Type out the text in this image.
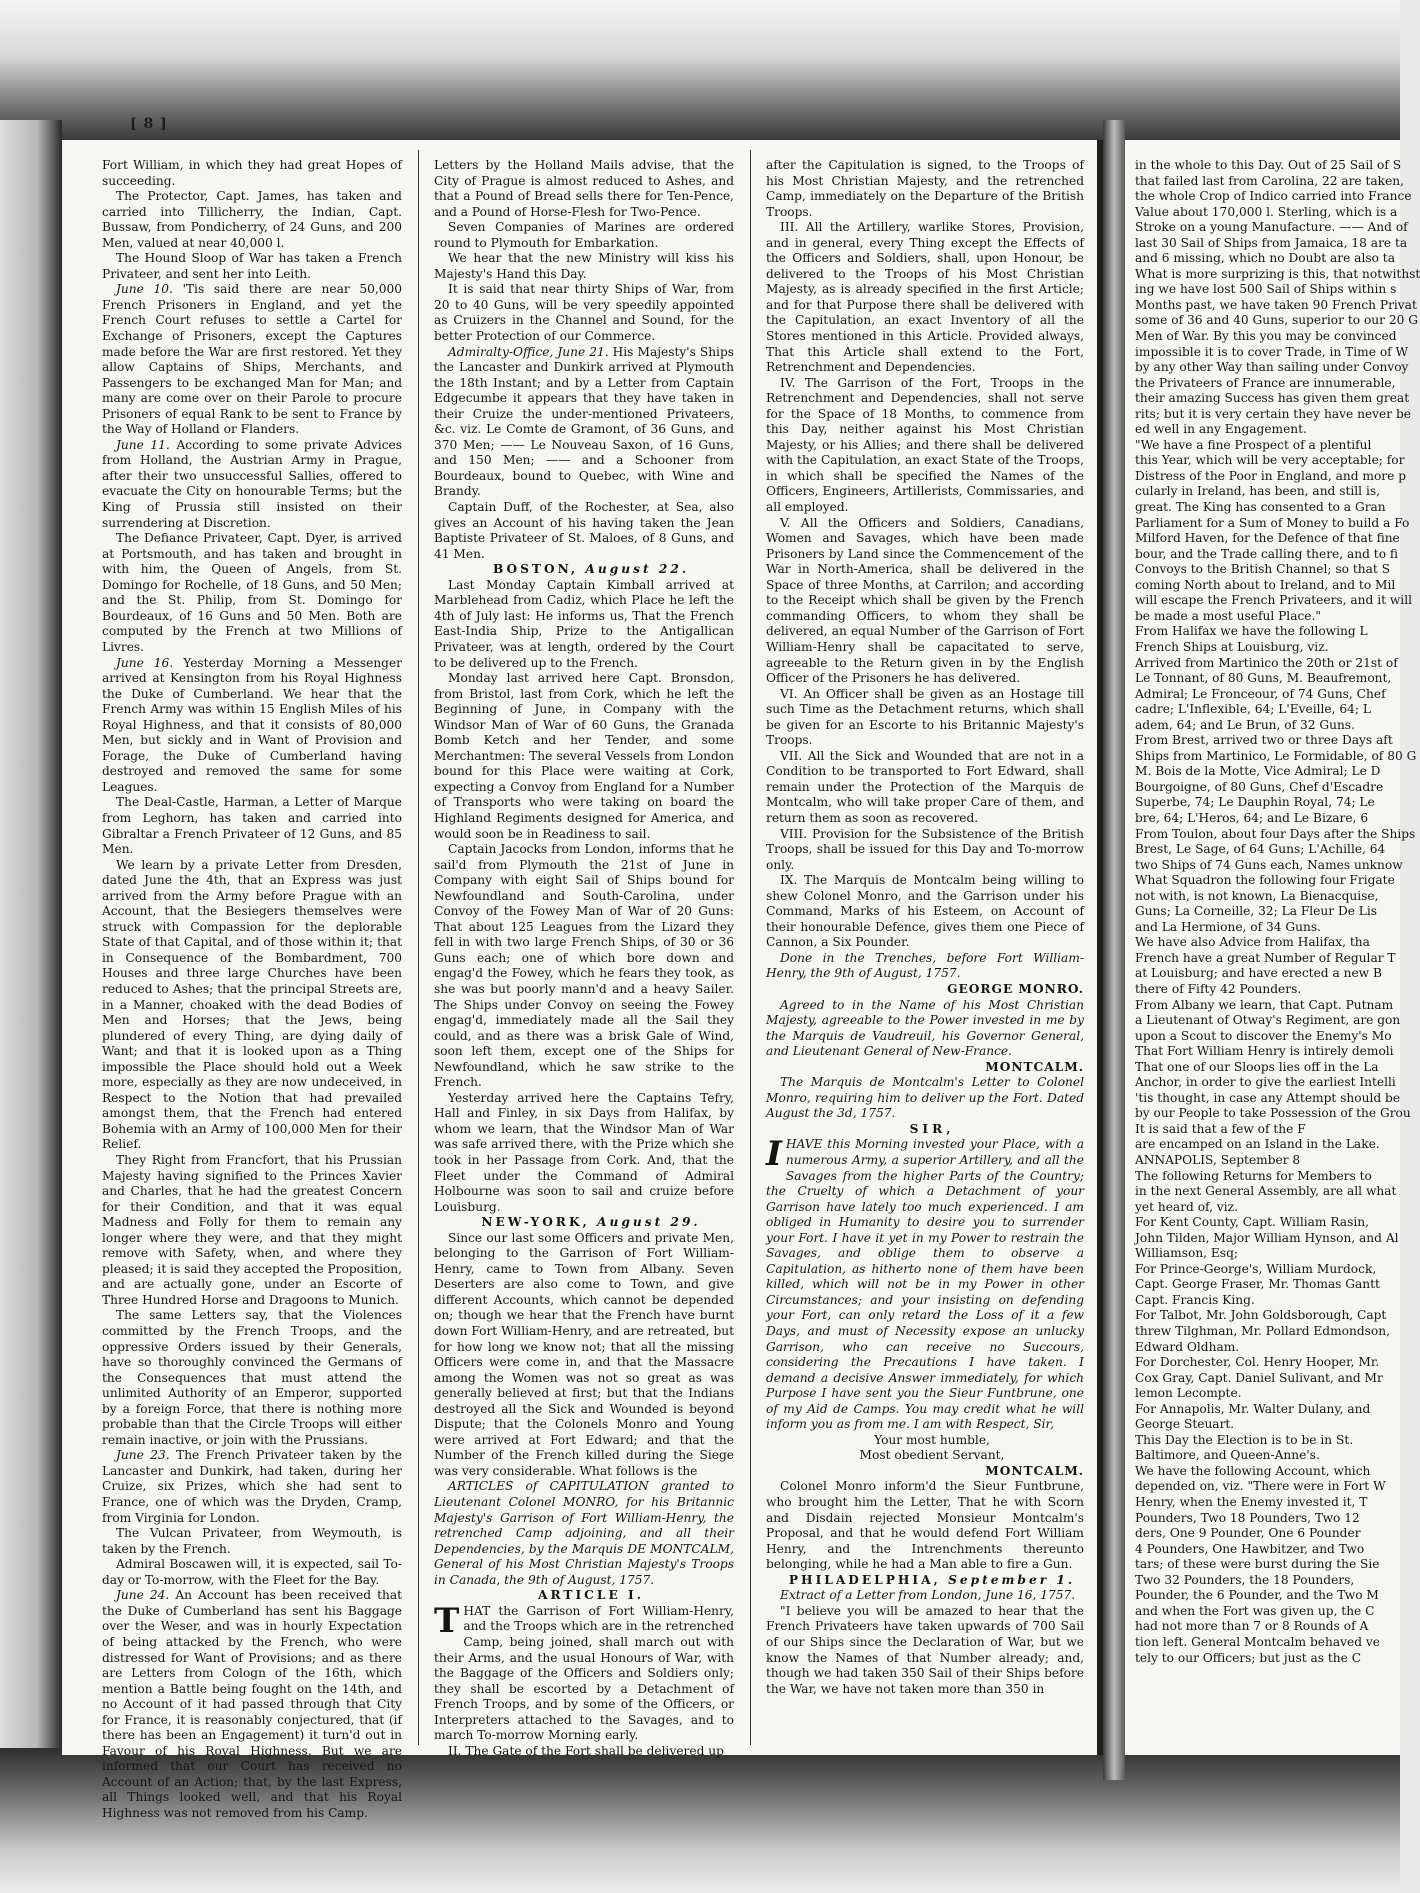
[ 8 ]

Fort William, in which they had great Hopes of succeeding.

The Protector, Capt. James, has taken and carried into Tillicherry, the Indian, Capt. Bussaw, from Pondicherry, of 24 Guns, and 200 Men, valued at near 40,000 l.

The Hound Sloop of War has taken a French Privateer, and sent her into Leith.

June 10. 'Tis said there are near 50,000 French Prisoners in England, and yet the French Court refuses to settle a Cartel for Exchange of Prisoners, except the Captures made before the War are first restored. Yet they allow Captains of Ships, Merchants, and Passengers to be exchanged Man for Man; and many are come over on their Parole to procure Prisoners of equal Rank to be sent to France by the Way of Holland or Flanders.

June 11. According to some private Advices from Holland, the Austrian Army in Prague, after their two unsuccessful Sallies, offered to evacuate the City on honourable Terms; but the King of Prussia still insisted on their surrendering at Discretion.

The Defiance Privateer, Capt. Dyer, is arrived at Portsmouth, and has taken and brought in with him, the Queen of Angels, from St. Domingo for Rochelle, of 18 Guns, and 50 Men; and the St. Philip, from St. Domingo for Bourdeaux, of 16 Guns and 50 Men. Both are computed by the French at two Millions of Livres.

June 16. Yesterday Morning a Messenger arrived at Kensington from his Royal Highness the Duke of Cumberland. We hear that the French Army was within 15 English Miles of his Royal Highness, and that it consists of 80,000 Men, but sickly and in Want of Provision and Forage, the Duke of Cumberland having destroyed and removed the same for some Leagues.

The Deal-Castle, Harman, a Letter of Marque from Leghorn, has taken and carried into Gibraltar a French Privateer of 12 Guns, and 85 Men.

We learn by a private Letter from Dresden, dated June the 4th, that an Express was just arrived from the Army before Prague with an Account, that the Besiegers themselves were struck with Compassion for the deplorable State of that Capital, and of those within it; that in Consequence of the Bombardment, 700 Houses and three large Churches have been reduced to Ashes; that the principal Streets are, in a Manner, choaked with the dead Bodies of Men and Horses; that the Jews, being plundered of every Thing, are dying daily of Want; and that it is looked upon as a Thing impossible the Place should hold out a Week more, especially as they are now undeceived, in Respect to the Notion that had prevailed amongst them, that the French had entered Bohemia with an Army of 100,000 Men for their Relief.

They Right from Francfort, that his Prussian Majesty having signified to the Princes Xavier and Charles, that he had the greatest Concern for their Condition, and that it was equal Madness and Folly for them to remain any longer where they were, and that they might remove with Safety, when, and where they pleased; it is said they accepted the Proposition, and are actually gone, under an Escorte of Three Hundred Horse and Dragoons to Munich.

The same Letters say, that the Violences committed by the French Troops, and the oppressive Orders issued by their Generals, have so thoroughly convinced the Germans of the Consequences that must attend the unlimited Authority of an Emperor, supported by a foreign Force, that there is nothing more probable than that the Circle Troops will either remain inactive, or join with the Prussians.

June 23. The French Privateer taken by the Lancaster and Dunkirk, had taken, during her Cruize, six Prizes, which she had sent to France, one of which was the Dryden, Cramp, from Virginia for London.

The Vulcan Privateer, from Weymouth, is taken by the French.

Admiral Boscawen will, it is expected, sail To-day or To-morrow, with the Fleet for the Bay.

June 24. An Account has been received that the Duke of Cumberland has sent his Baggage over the Weser, and was in hourly Expectation of being attacked by the French, who were distressed for Want of Provisions; and as there are Letters from Cologn of the 16th, which mention a Battle being fought on the 14th, and no Account of it had passed through that City for France, it is reasonably conjectured, that (if there has been an Engagement) it turn'd out in Favour of his Royal Highness. But we are informed that our Court has received no Account of an Action; that, by the last Express, all Things looked well, and that his Royal Highness was not removed from his Camp.

Letters by the Holland Mails advise, that the City of Prague is almost reduced to Ashes, and that a Pound of Bread sells there for Ten-Pence, and a Pound of Horse-Flesh for Two-Pence.

Seven Companies of Marines are ordered round to Plymouth for Embarkation.

We hear that the new Ministry will kiss his Majesty's Hand this Day.

It is said that near thirty Ships of War, from 20 to 40 Guns, will be very speedily appointed as Cruizers in the Channel and Sound, for the better Protection of our Commerce.

Admiralty-Office, June 21. His Majesty's Ships the Lancaster and Dunkirk arrived at Plymouth the 18th Instant; and by a Letter from Captain Edgecumbe it appears that they have taken in their Cruize the under-mentioned Privateers, &c. viz. Le Comte de Gramont, of 36 Guns, and 370 Men; —— Le Nouveau Saxon, of 16 Guns, and 150 Men; —— and a Schooner from Bourdeaux, bound to Quebec, with Wine and Brandy.

Captain Duff, of the Rochester, at Sea, also gives an Account of his having taken the Jean Baptiste Privateer of St. Maloes, of 8 Guns, and 41 Men.

BOSTON, August 22.

Last Monday Captain Kimball arrived at Marblehead from Cadiz, which Place he left the 4th of July last: He informs us, That the French East-India Ship, Prize to the Antigallican Privateer, was at length, ordered by the Court to be delivered up to the French.

Monday last arrived here Capt. Bronsdon, from Bristol, last from Cork, which he left the Beginning of June, in Company with the Windsor Man of War of 60 Guns, the Granada Bomb Ketch and her Tender, and some Merchantmen: The several Vessels from London bound for this Place were waiting at Cork, expecting a Convoy from England for a Number of Transports who were taking on board the Highland Regiments designed for America, and would soon be in Readiness to sail.

Captain Jacocks from London, informs that he sail'd from Plymouth the 21st of June in Company with eight Sail of Ships bound for Newfoundland and South-Carolina, under Convoy of the Fowey Man of War of 20 Guns: That about 125 Leagues from the Lizard they fell in with two large French Ships, of 30 or 36 Guns each; one of which bore down and engag'd the Fowey, which he fears they took, as she was but poorly mann'd and a heavy Sailer. The Ships under Convoy on seeing the Fowey engag'd, immediately made all the Sail they could, and as there was a brisk Gale of Wind, soon left them, except one of the Ships for Newfoundland, which he saw strike to the French.

Yesterday arrived here the Captains Tefry, Hall and Finley, in six Days from Halifax, by whom we learn, that the Windsor Man of War was safe arrived there, with the Prize which she took in her Passage from Cork. And, that the Fleet under the Command of Admiral Holbourne was soon to sail and cruize before Louisburg.

NEW-YORK, August 29.

Since our last some Officers and private Men, belonging to the Garrison of Fort William-Henry, came to Town from Albany. Seven Deserters are also come to Town, and give different Accounts, which cannot be depended on; though we hear that the French have burnt down Fort William-Henry, and are retreated, but for how long we know not; that all the missing Officers were come in, and that the Massacre among the Women was not so great as was generally believed at first; but that the Indians destroyed all the Sick and Wounded is beyond Dispute; that the Colonels Monro and Young were arrived at Fort Edward; and that the Number of the French killed during the Siege was very considerable. What follows is the

ARTICLES of CAPITULATION granted to Lieutenant Colonel MONRO, for his Britannic Majesty's Garrison of Fort William-Henry, the retrenched Camp adjoining, and all their Dependencies, by the Marquis DE MONTCALM, General of his Most Christian Majesty's Troops in Canada, the 9th of August, 1757.

ARTICLE I.

THAT the Garrison of Fort William-Henry, and the Troops which are in the retrenched Camp, being joined, shall march out with their Arms, and the usual Honours of War, with the Baggage of the Officers and Soldiers only; they shall be escorted by a Detachment of French Troops, and by some of the Officers, or Interpreters attached to the Savages, and to march To-morrow Morning early.

II. The Gate of the Fort shall be delivered up

after the Capitulation is signed, to the Troops of his Most Christian Majesty, and the retrenched Camp, immediately on the Departure of the British Troops.

III. All the Artillery, warlike Stores, Provision, and in general, every Thing except the Effects of the Officers and Soldiers, shall, upon Honour, be delivered to the Troops of his Most Christian Majesty, as is already specified in the first Article; and for that Purpose there shall be delivered with the Capitulation, an exact Inventory of all the Stores mentioned in this Article. Provided always, That this Article shall extend to the Fort, Retrenchment and Dependencies.

IV. The Garrison of the Fort, Troops in the Retrenchment and Dependencies, shall not serve for the Space of 18 Months, to commence from this Day, neither against his Most Christian Majesty, or his Allies; and there shall be delivered with the Capitulation, an exact State of the Troops, in which shall be specified the Names of the Officers, Engineers, Artillerists, Commissaries, and all employed.

V. All the Officers and Soldiers, Canadians, Women and Savages, which have been made Prisoners by Land since the Commencement of the War in North-America, shall be delivered in the Space of three Months, at Carrilon; and according to the Receipt which shall be given by the French commanding Officers, to whom they shall be delivered, an equal Number of the Garrison of Fort William-Henry shall be capacitated to serve, agreeable to the Return given in by the English Officer of the Prisoners he has delivered.

VI. An Officer shall be given as an Hostage till such Time as the Detachment returns, which shall be given for an Escorte to his Britannic Majesty's Troops.

VII. All the Sick and Wounded that are not in a Condition to be transported to Fort Edward, shall remain under the Protection of the Marquis de Montcalm, who will take proper Care of them, and return them as soon as recovered.

VIII. Provision for the Subsistence of the British Troops, shall be issued for this Day and To-morrow only.

IX. The Marquis de Montcalm being willing to shew Colonel Monro, and the Garrison under his Command, Marks of his Esteem, on Account of their honourable Defence, gives them one Piece of Cannon, a Six Pounder.

Done in the Trenches, before Fort William-Henry, the 9th of August, 1757.

GEORGE MONRO.

Agreed to in the Name of his Most Christian Majesty, agreeable to the Power invested in me by the Marquis de Vaudreuil, his Governor General, and Lieutenant General of New-France.

MONTCALM.

The Marquis de Montcalm's Letter to Colonel Monro, requiring him to deliver up the Fort. Dated August the 3d, 1757.

SIR,

IHAVE this Morning invested your Place, with a numerous Army, a superior Artillery, and all the Savages from the higher Parts of the Country; the Cruelty of which a Detachment of your Garrison have lately too much experienced. I am obliged in Humanity to desire you to surrender your Fort. I have it yet in my Power to restrain the Savages, and oblige them to observe a Capitulation, as hitherto none of them have been killed, which will not be in my Power in other Circumstances; and your insisting on defending your Fort, can only retard the Loss of it a few Days, and must of Necessity expose an unlucky Garrison, who can receive no Succours, considering the Precautions I have taken. I demand a decisive Answer immediately, for which Purpose I have sent you the Sieur Funtbrune, one of my Aid de Camps. You may credit what he will inform you as from me. I am with Respect, Sir,

Your most humble,

Most obedient Servant,

MONTCALM.

Colonel Monro inform'd the Sieur Funtbrune, who brought him the Letter, That he with Scorn and Disdain rejected Monsieur Montcalm's Proposal, and that he would defend Fort William Henry, and the Intrenchments thereunto belonging, while he had a Man able to fire a Gun.

PHILADELPHIA, September 1.

Extract of a Letter from London, June 16, 1757.

"I believe you will be amazed to hear that the French Privateers have taken upwards of 700 Sail of our Ships since the Declaration of War, but we know the Names of that Number already; and, though we had taken 350 Sail of their Ships before the War, we have not taken more than 350 in

in the whole to this Day. Out of 25 Sail of S
that failed last from Carolina, 22 are taken,
the whole Crop of Indico carried into France
Value about 170,000 l. Sterling, which is a
Stroke on a young Manufacture. —— And of
last 30 Sail of Ships from Jamaica, 18 are ta
and 6 missing, which no Doubt are also ta
What is more surprizing is this, that notwithst
ing we have lost 500 Sail of Ships within s
Months past, we have taken 90 French Privat
some of 36 and 40 Guns, superior to our 20 G
Men of War. By this you may be convinced
impossible it is to cover Trade, in Time of W
by any other Way than sailing under Convoy
the Privateers of France are innumerable,
their amazing Success has given them great
rits; but it is very certain they have never be
ed well in any Engagement.
"We have a fine Prospect of a plentiful
this Year, which will be very acceptable; for
Distress of the Poor in England, and more p
cularly in Ireland, has been, and still is,
great. The King has consented to a Gran
Parliament for a Sum of Money to build a Fo
Milford Haven, for the Defence of that fine
bour, and the Trade calling there, and to fi
Convoys to the British Channel; so that S
coming North about to Ireland, and to Mil
will escape the French Privateers, and it will
be made a most useful Place."
From Halifax we have the following L
French Ships at Louisburg, viz.
Arrived from Martinico the 20th or 21st of
Le Tonnant, of 80 Guns, M. Beaufremont,
Admiral; Le Fronceour, of 74 Guns, Chef
cadre; L'Inflexible, 64; L'Eveille, 64; L
adem, 64; and Le Brun, of 32 Guns.
From Brest, arrived two or three Days aft
Ships from Martinico, Le Formidable, of 80 G
M. Bois de la Motte, Vice Admiral; Le D
Bourgoigne, of 80 Guns, Chef d'Escadre
Superbe, 74; Le Dauphin Royal, 74; Le
bre, 64; L'Heros, 64; and Le Bizare, 6
From Toulon, about four Days after the Ships
Brest, Le Sage, of 64 Guns; L'Achille, 64
two Ships of 74 Guns each, Names unknow
What Squadron the following four Frigate
not with, is not known, La Bienacquise,
Guns; La Corneille, 32; La Fleur De Lis
and La Hermione, of 34 Guns.
We have also Advice from Halifax, tha
French have a great Number of Regular T
at Louisburg; and have erected a new B
there of Fifty 42 Pounders.
From Albany we learn, that Capt. Putnam
a Lieutenant of Otway's Regiment, are gon
upon a Scout to discover the Enemy's Mo
That Fort William Henry is intirely demoli
That one of our Sloops lies off in the La
Anchor, in order to give the earliest Intelli
'tis thought, in case any Attempt should be
by our People to take Possession of the Grou
It is said that a few of the F
are encamped on an Island in the Lake.
ANNAPOLIS, September 8
The following Returns for Members to
in the next General Assembly, are all what
yet heard of, viz.
For Kent County, Capt. William Rasin,
John Tilden, Major William Hynson, and Al
Williamson, Esq;
For Prince-George's, William Murdock,
Capt. George Fraser, Mr. Thomas Gantt
Capt. Francis King.
For Talbot, Mr. John Goldsborough, Capt
threw Tilghman, Mr. Pollard Edmondson,
Edward Oldham.
For Dorchester, Col. Henry Hooper, Mr.
Cox Gray, Capt. Daniel Sulivant, and Mr
lemon Lecompte.
For Annapolis, Mr. Walter Dulany, and
George Steuart.
This Day the Election is to be in St.
Baltimore, and Queen-Anne's.
We have the following Account, which
depended on, viz. "There were in Fort W
Henry, when the Enemy invested it, T
Pounders, Two 18 Pounders, Two 12
ders, One 9 Pounder, One 6 Pounder
4 Pounders, One Hawbitzer, and Two
tars; of these were burst during the Sie
Two 32 Pounders, the 18 Pounders,
Pounder, the 6 Pounder, and the Two M
and when the Fort was given up, the C
had not more than 7 or 8 Rounds of A
tion left. General Montcalm behaved ve
tely to our Officers; but just as the C
